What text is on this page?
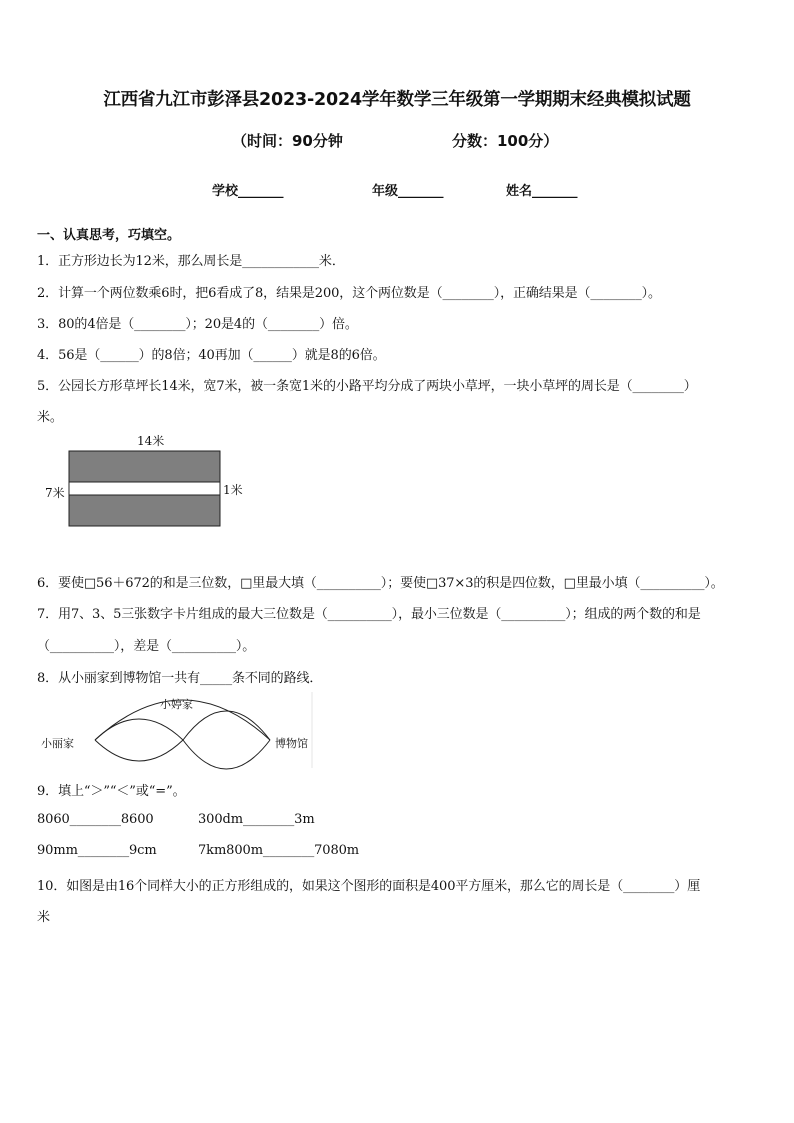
江西省九江市彭泽县2023-2024学年数学三年级第一学期期末经典模拟试题
（时间：90分钟	分数：100分）
学校_______	年级_______	姓名_______
一、认真思考，巧填空。
1．正方形边长为12米，那么周长是____________米．
2．计算一个两位数乘6时，把6看成了8，结果是200，这个两位数是（________），正确结果是（________）。
3．80的4倍是（________）；20是4的（________）倍。
4．56是（______）的8倍；40再加（______）就是8的6倍。
5．公园长方形草坪长14米，宽7米，被一条宽1米的小路平均分成了两块小草坪，一块小草坪的周长是（________）
米。
14米
7米	1米
6．要使□56＋672的和是三位数，□里最大填（__________）；要使□37×3的积是四位数，□里最小填（__________）。
7．用7、3、5三张数字卡片组成的最大三位数是（__________），最小三位数是（__________）；组成的两个数的和是
（__________），差是（__________）。
8．从小丽家到博物馆一共有_____条不同的路线．
小婷家
小丽家	博物馆
9．填上“＞”“＜”或“=”。
8060________8600	300dm________3m
90mm________9cm	7km800m________7080m
10．如图是由16个同样大小的正方形组成的，如果这个图形的面积是400平方厘米，那么它的周长是（________）厘
米
